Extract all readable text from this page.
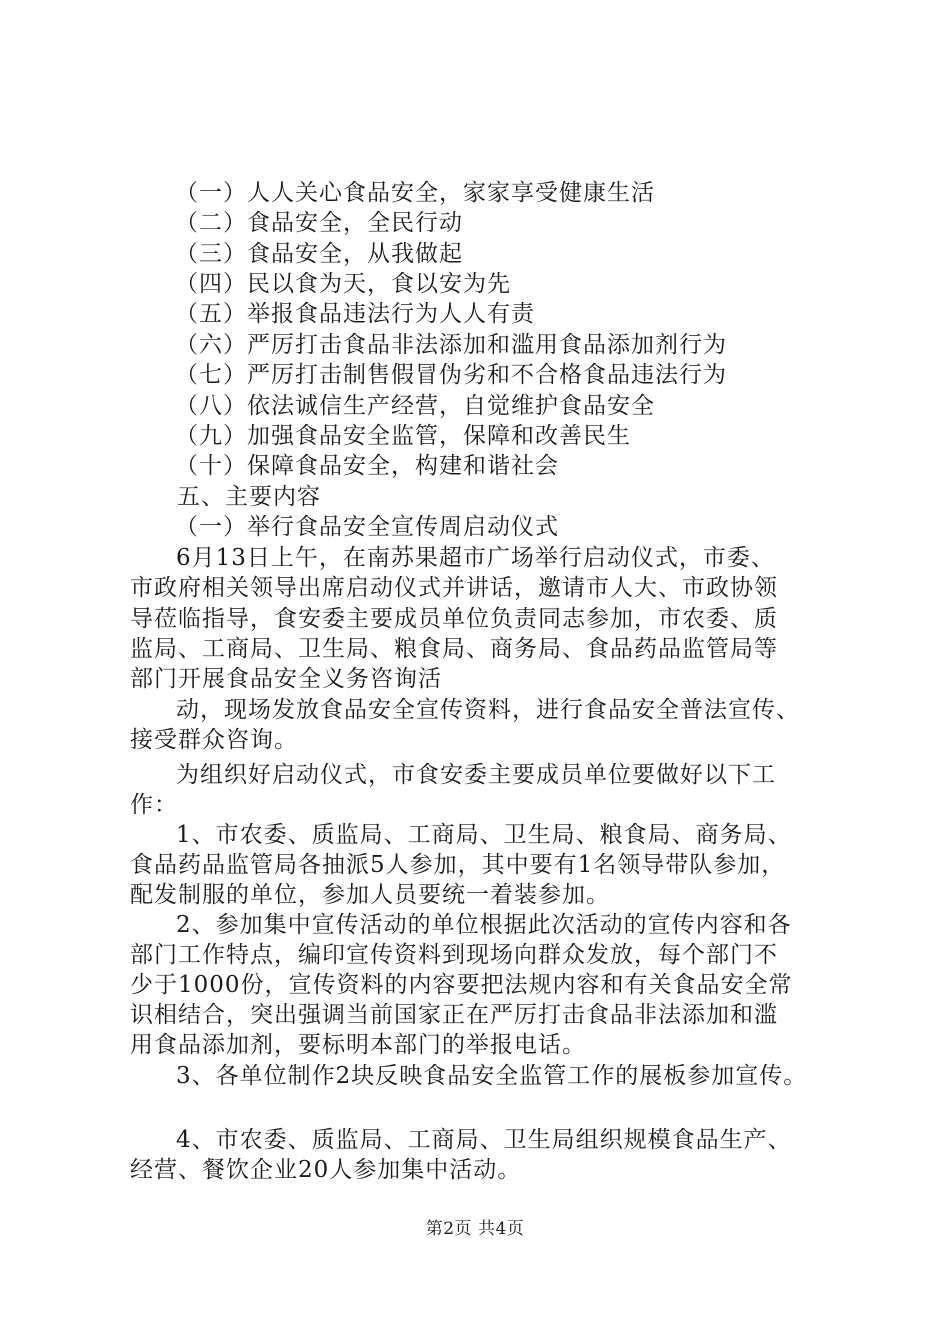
（一）人人关心食品安全，家家享受健康生活
（二）食品安全，全民行动
（三）食品安全，从我做起
（四）民以食为天，食以安为先
（五）举报食品违法行为人人有责
（六）严厉打击食品非法添加和滥用食品添加剂行为
（七）严厉打击制售假冒伪劣和不合格食品违法行为
（八）依法诚信生产经营，自觉维护食品安全
（九）加强食品安全监管，保障和改善民生
（十）保障食品安全，构建和谐社会
五、主要内容
（一）举行食品安全宣传周启动仪式
6月13日上午，在南苏果超市广场举行启动仪式，市委、
市政府相关领导出席启动仪式并讲话，邀请市人大、市政协领
导莅临指导，食安委主要成员单位负责同志参加，市农委、质
监局、工商局、卫生局、粮食局、商务局、食品药品监管局等
部门开展食品安全义务咨询活
动，现场发放食品安全宣传资料，进行食品安全普法宣传、
接受群众咨询。
为组织好启动仪式，市食安委主要成员单位要做好以下工
作：
1、市农委、质监局、工商局、卫生局、粮食局、商务局、
食品药品监管局各抽派5人参加，其中要有1名领导带队参加，
配发制服的单位，参加人员要统一着装参加。
2、参加集中宣传活动的单位根据此次活动的宣传内容和各
部门工作特点，编印宣传资料到现场向群众发放，每个部门不
少于1000份，宣传资料的内容要把法规内容和有关食品安全常
识相结合，突出强调当前国家正在严厉打击食品非法添加和滥
用食品添加剂，要标明本部门的举报电话。
3、各单位制作2块反映食品安全监管工作的展板参加宣传。
4、市农委、质监局、工商局、卫生局组织规模食品生产、
经营、餐饮企业20人参加集中活动。
第2页 共4页
